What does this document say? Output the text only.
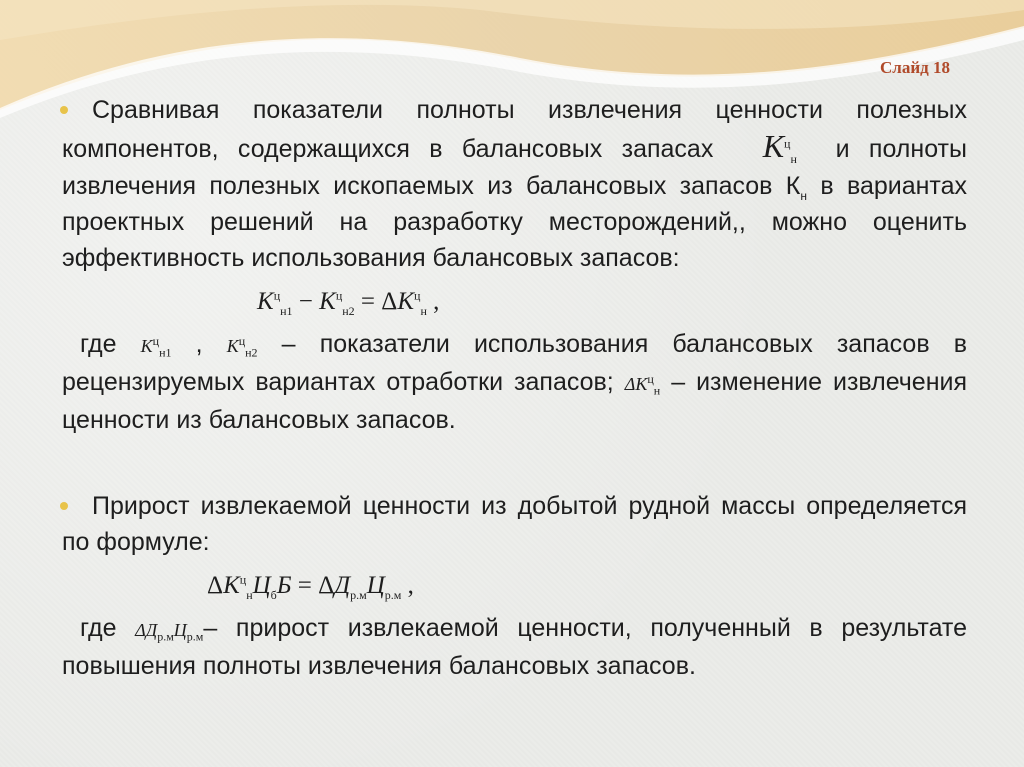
Слайд 18

Сравнивая показатели полноты извлечения ценности полезных компонентов, содержащихся в балансовых запасах $K^ц_н$ и полноты извлечения полезных ископаемых из балансовых запасов $К_н$ в вариантах проектных решений на разработку месторождений,, можно оценить эффективность использования балансовых запасов:

$K^ц_{н1} - K^ц_{н2} = \Delta K^ц_н$ ,

где $K^ц_{н1}$ , $K^ц_{н2}$ – показатели использования балансовых запасов в рецензируемых вариантах отработки запасов; $\Delta K^ц_н$ – изменение извлечения ценности из балансовых запасов.

Прирост извлекаемой ценности из добытой рудной массы определяется по формуле:

$\Delta K^ц_нЦ_бБ = \Delta Д_{р.м}Ц_{р.м}$ ,

где $\Delta Д_{р.м}Ц_{р.м}-$ прирост извлекаемой ценности, полученный в результате повышения полноты извлечения балансовых запасов.
